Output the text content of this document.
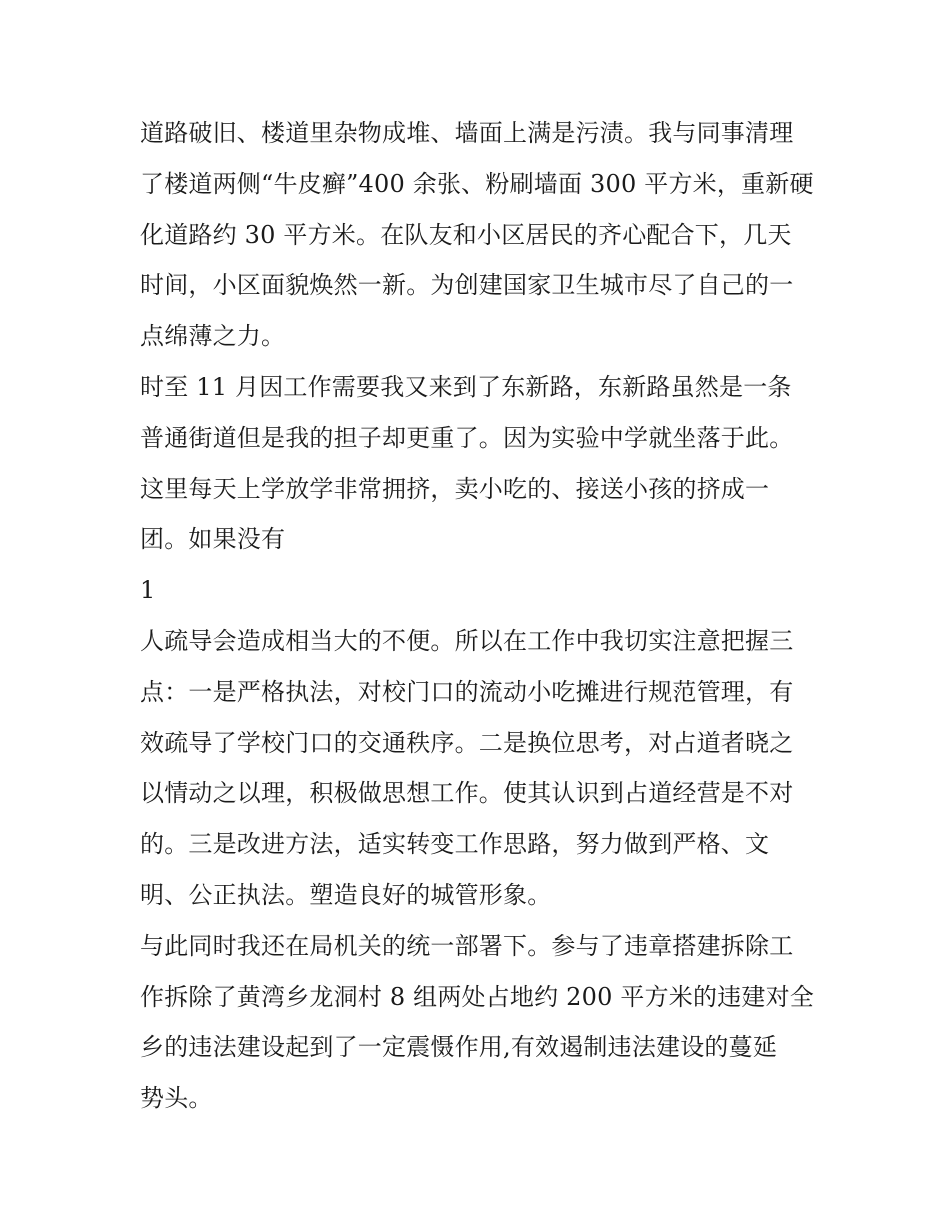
道路破旧、楼道里杂物成堆、墙面上满是污渍。我与同事清理
了楼道两侧“牛皮癣”400 余张、粉刷墙面 300 平方米，重新硬
化道路约 30 平方米。在队友和小区居民的齐心配合下，几天
时间，小区面貌焕然一新。为创建国家卫生城市尽了自己的一
点绵薄之力。
时至 11 月因工作需要我又来到了东新路，东新路虽然是一条
普通街道但是我的担子却更重了。因为实验中学就坐落于此。
这里每天上学放学非常拥挤，卖小吃的、接送小孩的挤成一
团。如果没有
1
人疏导会造成相当大的不便。所以在工作中我切实注意把握三
点：一是严格执法，对校门口的流动小吃摊进行规范管理，有
效疏导了学校门口的交通秩序。二是换位思考，对占道者晓之
以情动之以理，积极做思想工作。使其认识到占道经营是不对
的。三是改进方法，适实转变工作思路，努力做到严格、文
明、公正执法。塑造良好的城管形象。
与此同时我还在局机关的统一部署下。参与了违章搭建拆除工
作拆除了黄湾乡龙洞村 8 组两处占地约 200 平方米的违建对全
乡的违法建设起到了一定震慑作用,有效遏制违法建设的蔓延
势头。
